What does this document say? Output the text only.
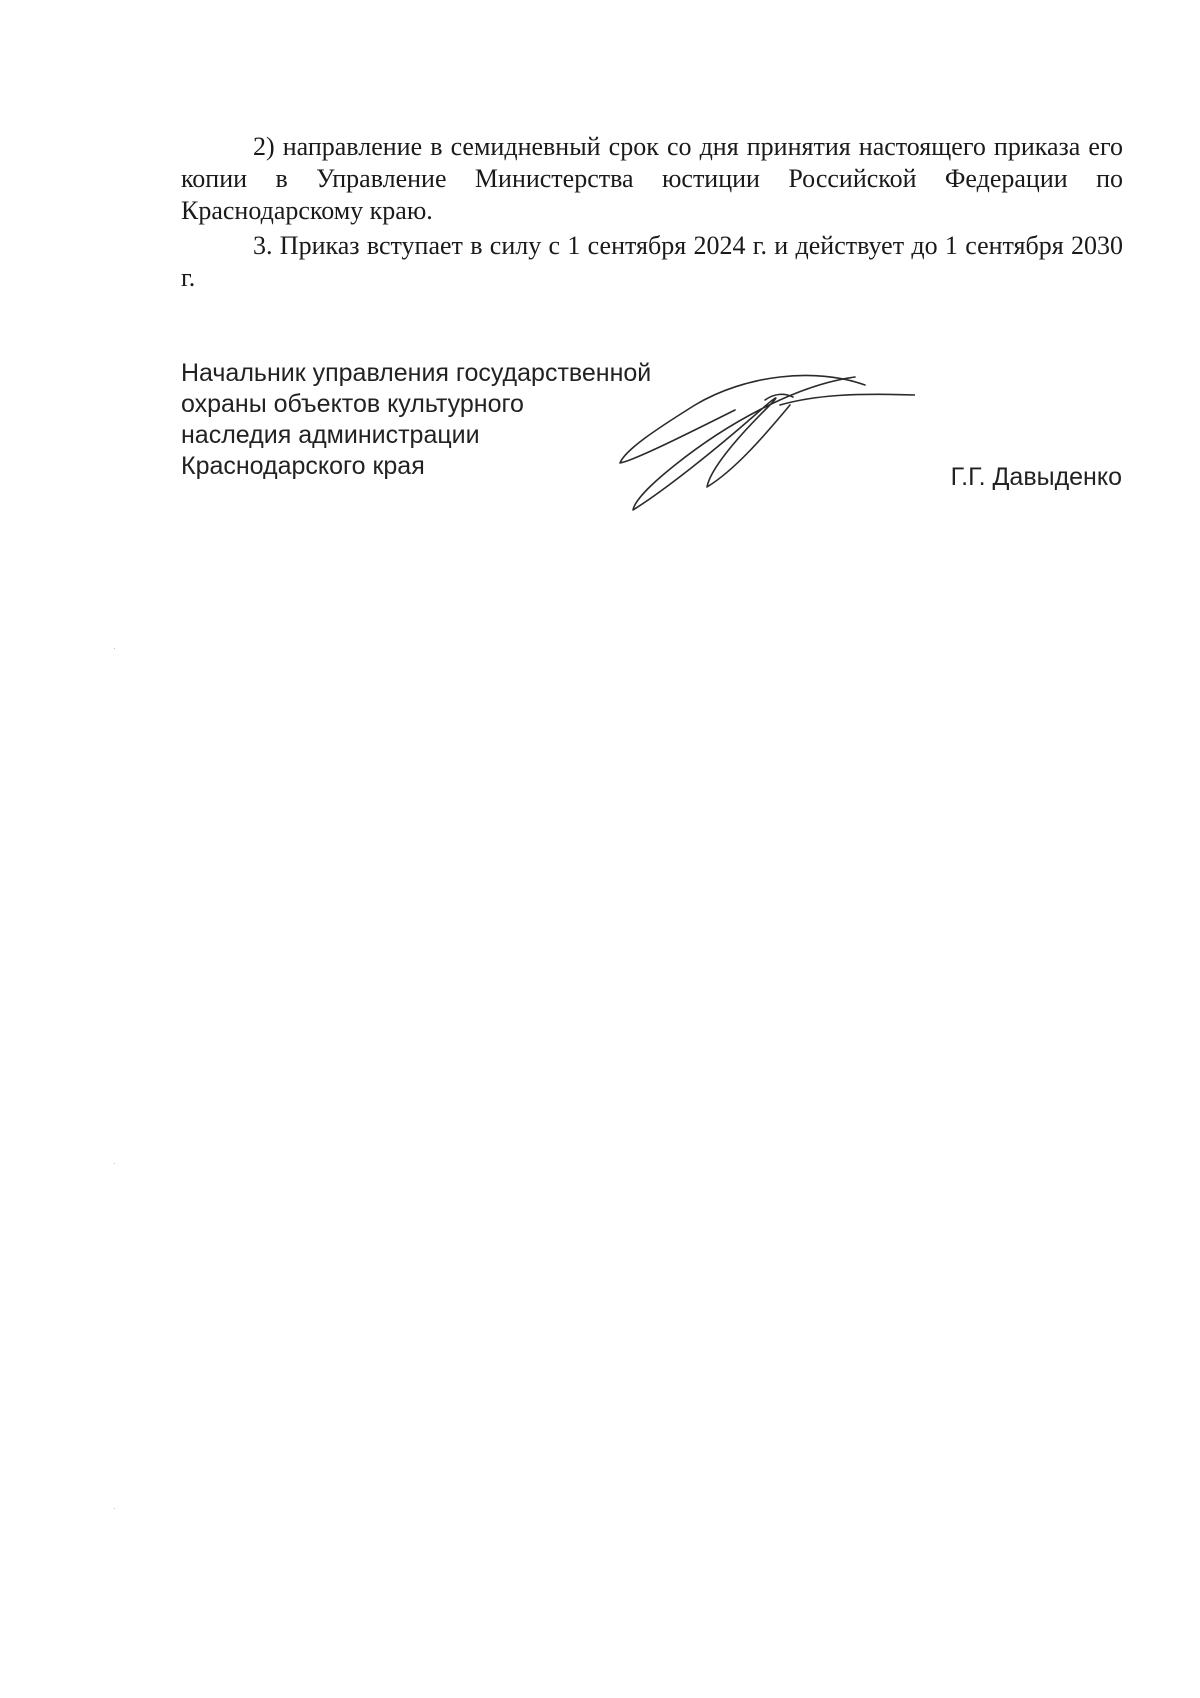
2) направление в семидневный срок со дня принятия настоящего приказа его копии в Управление Министерства юстиции Российской Федерации по Краснодарскому краю.

3. Приказ вступает в силу с 1 сентября 2024 г. и действует до 1 сентября 2030 г.

Начальник управления государственной
охраны объектов культурного
наследия администрации
Краснодарского края	Г.Г. Давыденко
